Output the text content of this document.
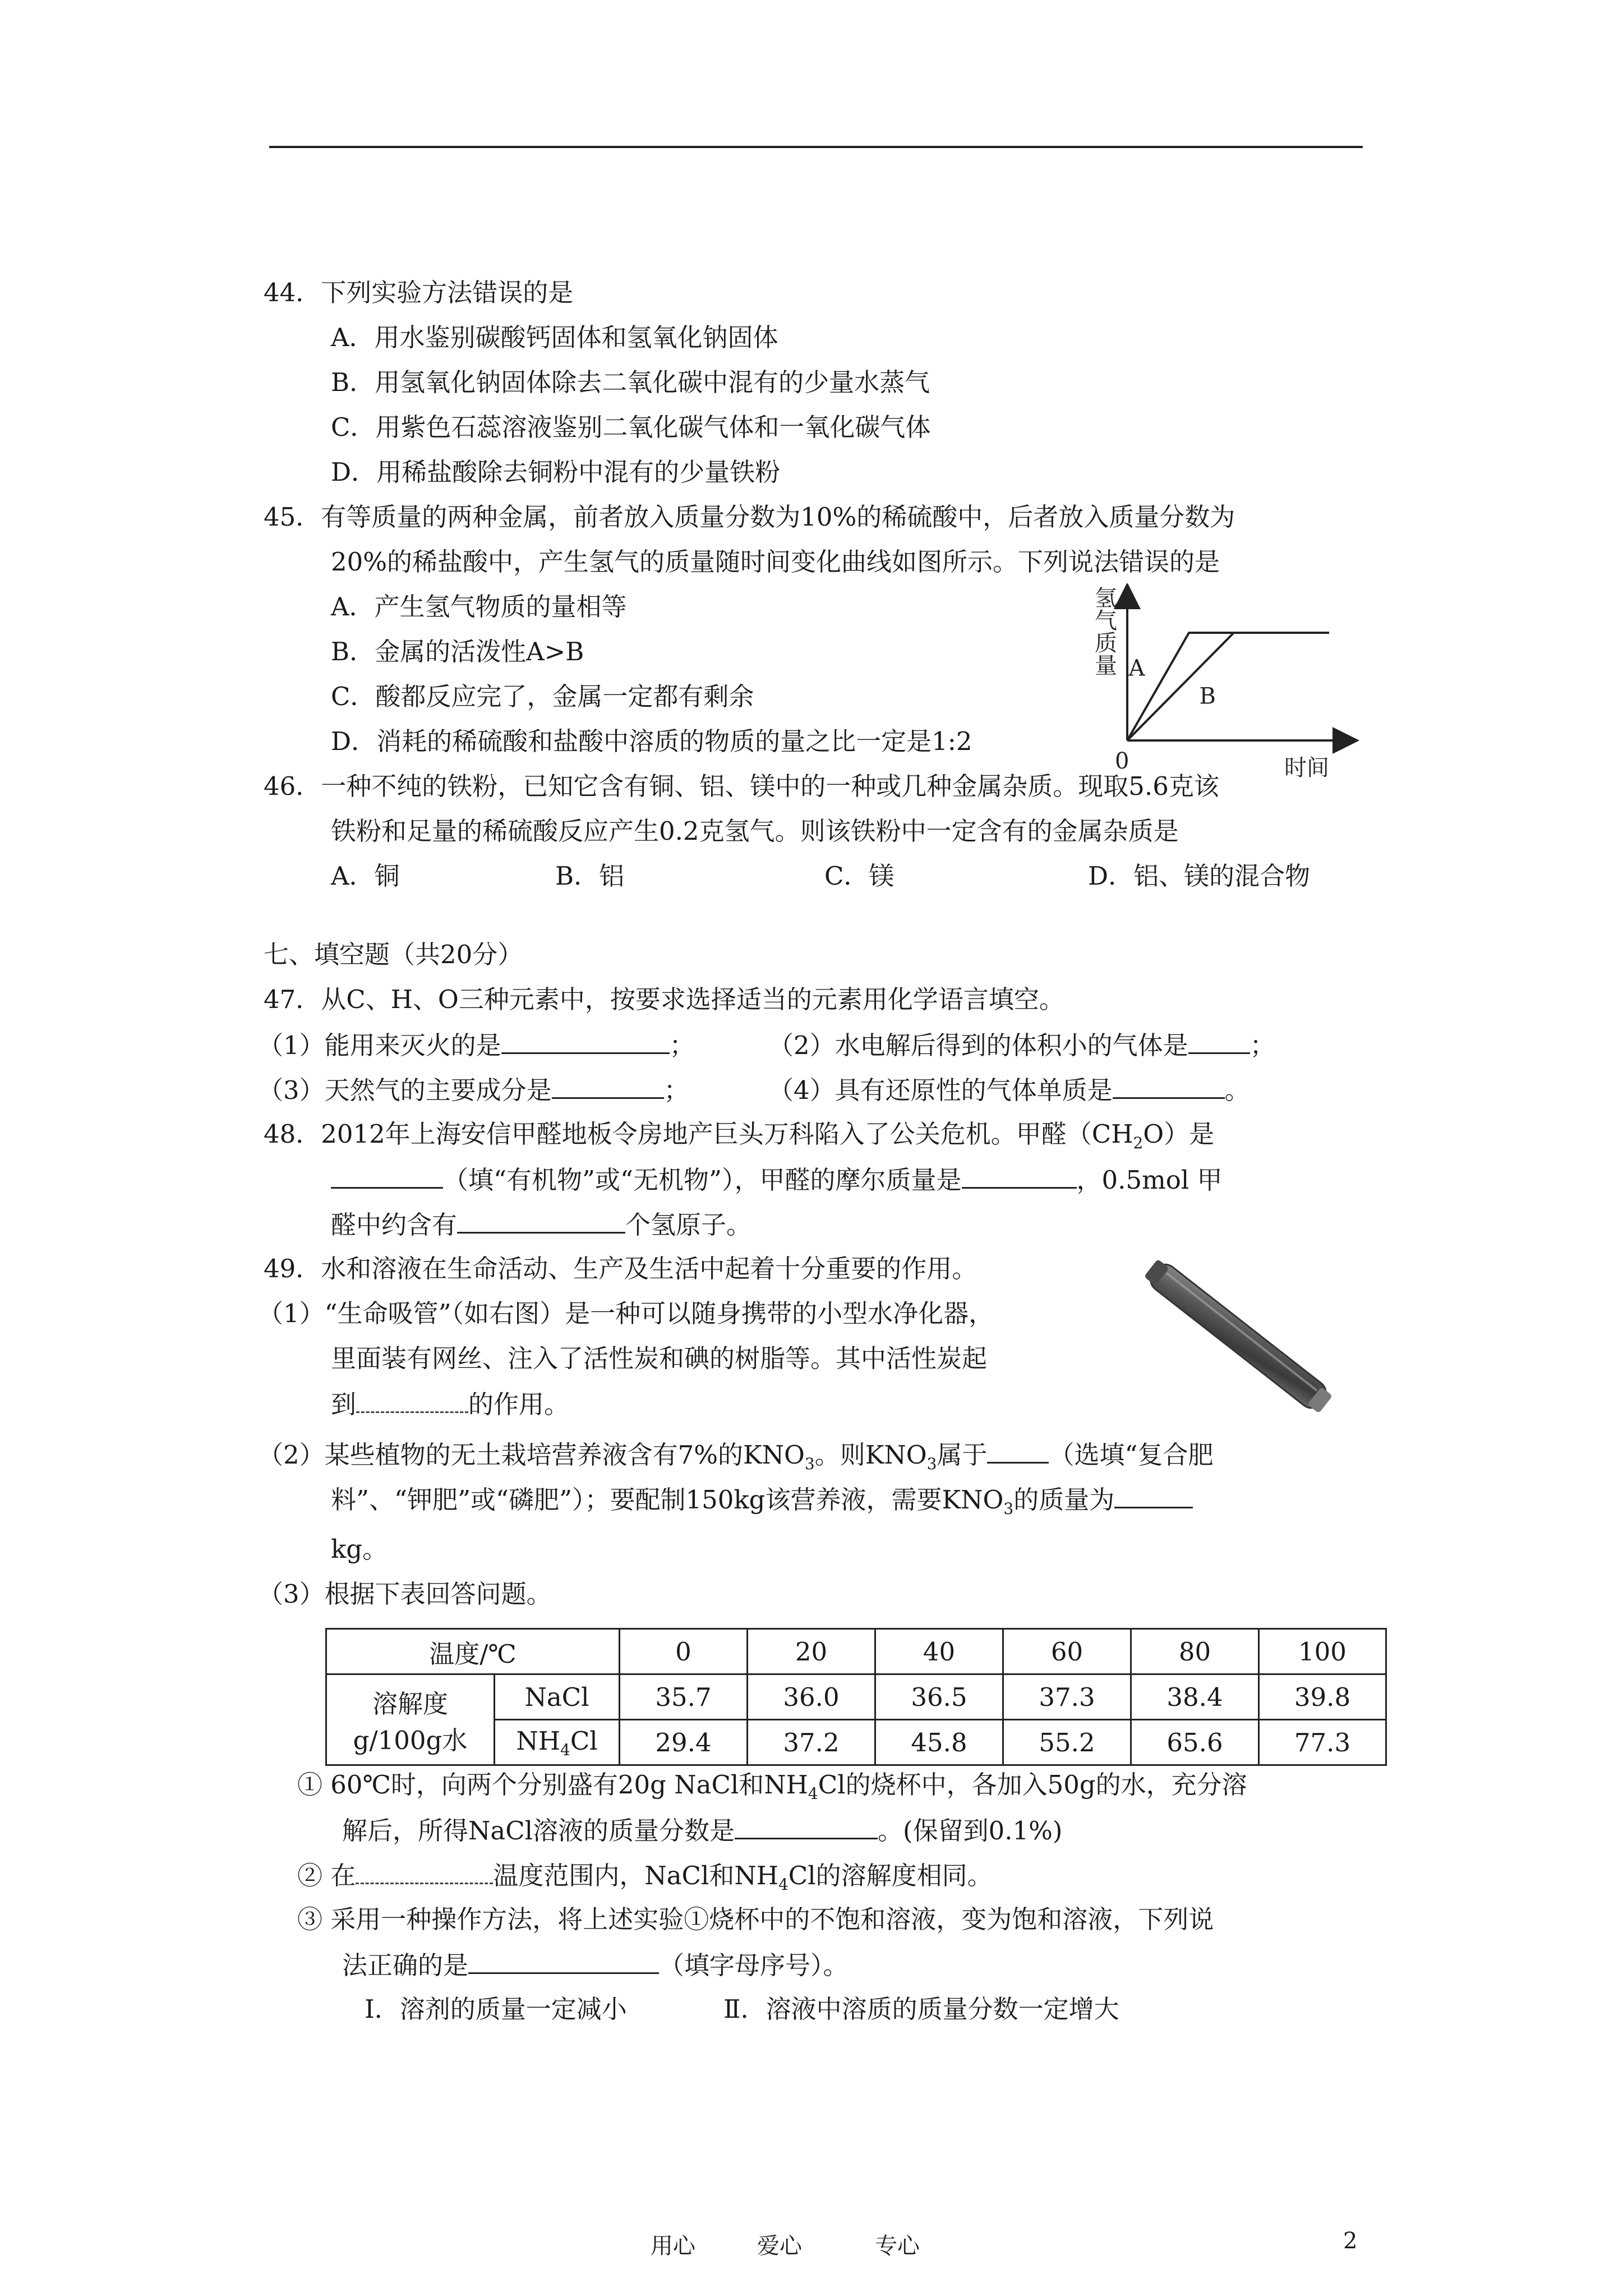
44．下列实验方法错误的是
A．用水鉴别碳酸钙固体和氢氧化钠固体
B．用氢氧化钠固体除去二氧化碳中混有的少量水蒸气
C．用紫色石蕊溶液鉴别二氧化碳气体和一氧化碳气体
D．用稀盐酸除去铜粉中混有的少量铁粉
45．有等质量的两种金属，前者放入质量分数为10%的稀硫酸中，后者放入质量分数为
20%的稀盐酸中，产生氢气的质量随时间变化曲线如图所示。下列说法错误的是
A．产生氢气物质的量相等
B．金属的活泼性A>B
C．酸都反应完了，金属一定都有剩余
D．消耗的稀硫酸和盐酸中溶质的物质的量之比一定是1:2
A
B
氢气质量
0	时间
46．一种不纯的铁粉，已知它含有铜、铝、镁中的一种或几种金属杂质。现取5.6克该
铁粉和足量的稀硫酸反应产生0.2克氢气。则该铁粉中一定含有的金属杂质是
A．铜	B．铝	C．镁	D．铝、镁的混合物
七、填空题（共20分）
47．从C、H、O三种元素中，按要求选择适当的元素用化学语言填空。
（1）能用来灭火的是	；	（2）水电解后得到的体积小的气体是 ；
（3）天然气的主要成分是	；	（4）具有还原性的气体单质是	。
48．2012年上海安信甲醛地板令房地产巨头万科陷入了公关危机。甲醛$(CH_2O)$是
（填“有机物”或“无机物”），甲醛的摩尔质量是	，0.5mol 甲
醛中约含有	个氢原子。
49．水和溶液在生命活动、生产及生活中起着十分重要的作用。
（1）“生命吸管”（如右图）是一种可以随身携带的小型水净化器，
里面装有网丝、注入了活性炭和碘的树脂等。其中活性炭起
到	的作用。
（2）某些植物的无土栽培营养液含有7%的$KNO_3$。则$KNO_3$属于 （选填“复合肥
料”、“钾肥”或“磷肥”）；要配制150kg该营养液，需要$KNO_3$的质量为
kg。
（3）根据下表回答问题。
温度/℃		0	20	40	60	80	100

溶解度
g/100g水	NaCl	35.7	36.0	36.5	37.3	38.4	39.8
	$NH_4Cl$	29.4	37.2	45.8	55.2	65.6	77.3
① 60℃时，向两个分别盛有20g NaCl和$NH_4Cl$的烧杯中，各加入50g的水，充分溶
解后，所得NaCl溶液的质量分数是	。(保留到0.1%)
② 在	温度范围内，NaCl和$NH_4Cl$的溶解度相同。
③ 采用一种操作方法，将上述实验①烧杯中的不饱和溶液，变为饱和溶液，下列说
法正确的是	（填字母序号）。
Ⅰ．溶剂的质量一定减小	Ⅱ．溶液中溶质的质量分数一定增大
用心	爱心	专心	2
